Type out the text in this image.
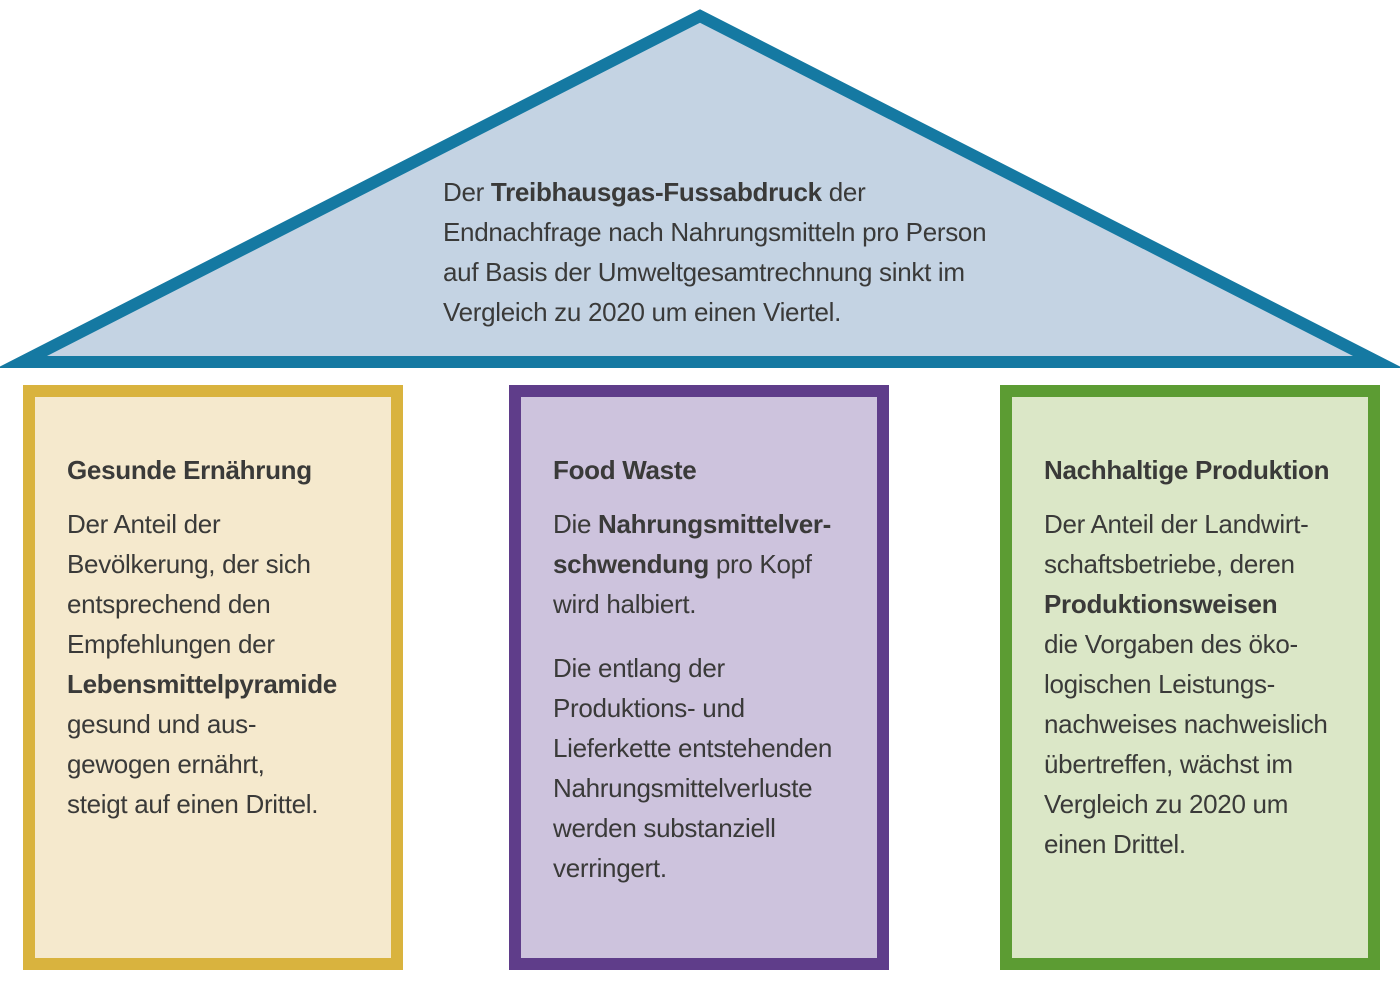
Der Treibhausgas-Fussabdruck der
Endnachfrage nach Nahrungsmitteln pro Person
auf Basis der Umweltgesamtrechnung sinkt im
Vergleich zu 2020 um einen Viertel.
Gesunde Ernährung
Der Anteil der
Bevölkerung, der sich
entsprechend den
Empfehlungen der
Lebensmittelpyramide
gesund und aus-
gewogen ernährt,
steigt auf einen Drittel.
Food Waste
Die Nahrungsmittelver-
schwendung pro Kopf
wird halbiert.
Die entlang der
Produktions- und
Lieferkette entstehenden
Nahrungsmittelverluste
werden substanziell
verringert.
Nachhaltige Produktion
Der Anteil der Landwirt-
schaftsbetriebe, deren
Produktionsweisen
die Vorgaben des öko-
logischen Leistungs-
nachweises nachweislich
übertreffen, wächst im
Vergleich zu 2020 um
einen Drittel.
